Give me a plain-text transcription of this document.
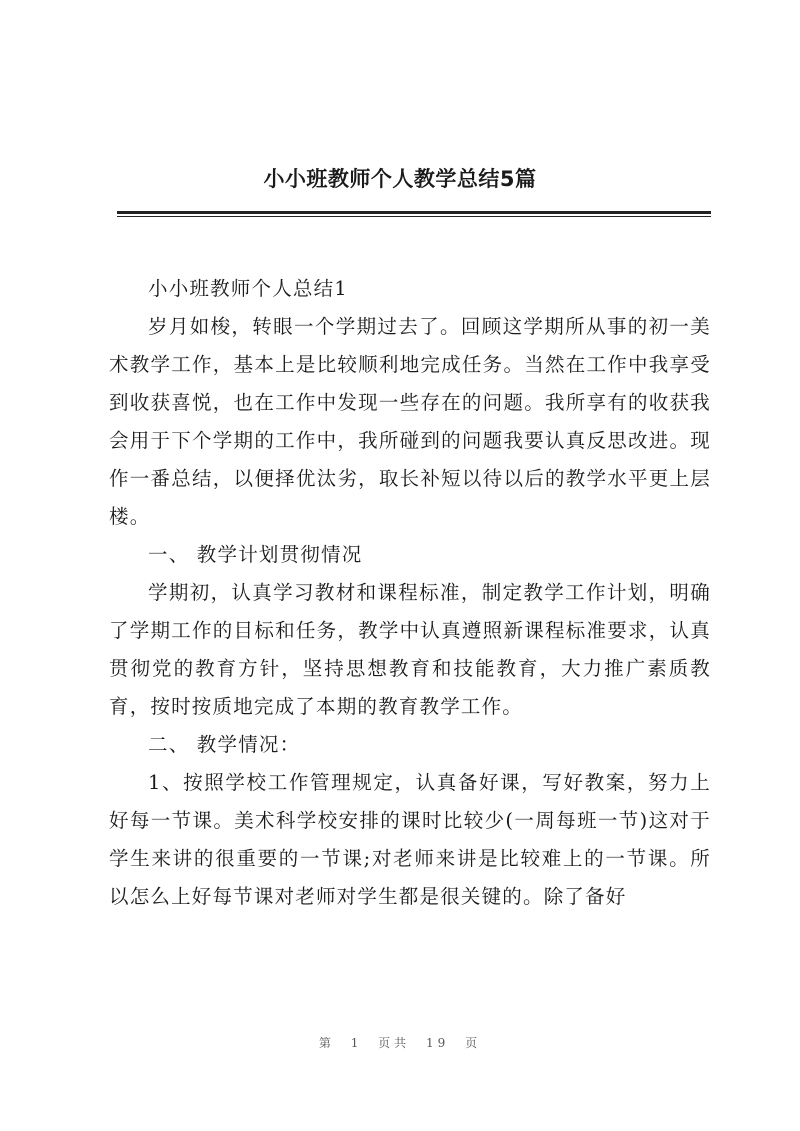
小小班教师个人教学总结5篇

小小班教师个人总结1

岁月如梭，转眼一个学期过去了。回顾这学期所从事的初一美术教学工作，基本上是比较顺利地完成任务。当然在工作中我享受到收获喜悦，也在工作中发现一些存在的问题。我所享有的收获我会用于下个学期的工作中，我所碰到的问题我要认真反思改进。现作一番总结，以便择优汰劣，取长补短以待以后的教学水平更上层楼。

一、 教学计划贯彻情况

学期初，认真学习教材和课程标准，制定教学工作计划，明确了学期工作的目标和任务，教学中认真遵照新课程标准要求，认真贯彻党的教育方针，坚持思想教育和技能教育，大力推广素质教育，按时按质地完成了本期的教育教学工作。

二、 教学情况：

1、按照学校工作管理规定，认真备好课，写好教案，努力上好每一节课。美术科学校安排的课时比较少(一周每班一节)这对于学生来讲的很重要的一节课;对老师来讲是比较难上的一节课。所以怎么上好每节课对老师对学生都是很关键的。除了备好

第 1 页共 19 页
